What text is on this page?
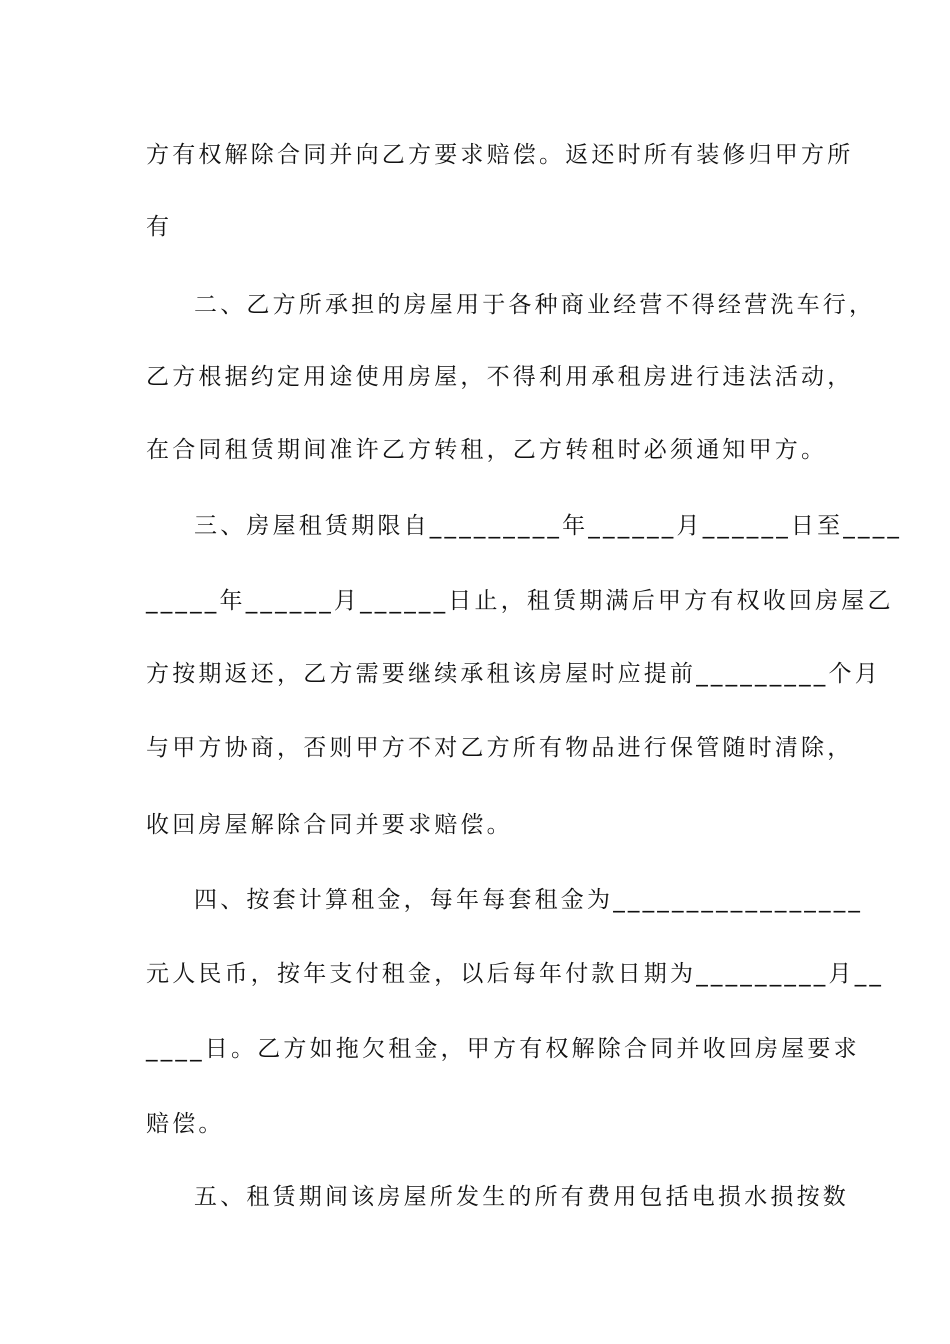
方有权解除合同并向乙方要求赔偿。返还时所有装修归甲方所
有
二、乙方所承担的房屋用于各种商业经营不得经营洗车行，
乙方根据约定用途使用房屋，不得利用承租房进行违法活动，
在合同租赁期间准许乙方转租，乙方转租时必须通知甲方。
三、房屋租赁期限自_________年______月______日至____
_____年______月______日止，租赁期满后甲方有权收回房屋乙
方按期返还，乙方需要继续承租该房屋时应提前_________个月
与甲方协商，否则甲方不对乙方所有物品进行保管随时清除，
收回房屋解除合同并要求赔偿。
四、按套计算租金，每年每套租金为_________________
元人民币，按年支付租金，以后每年付款日期为_________月__
____日。乙方如拖欠租金，甲方有权解除合同并收回房屋要求
赔偿。
五、租赁期间该房屋所发生的所有费用包括电损水损按数
